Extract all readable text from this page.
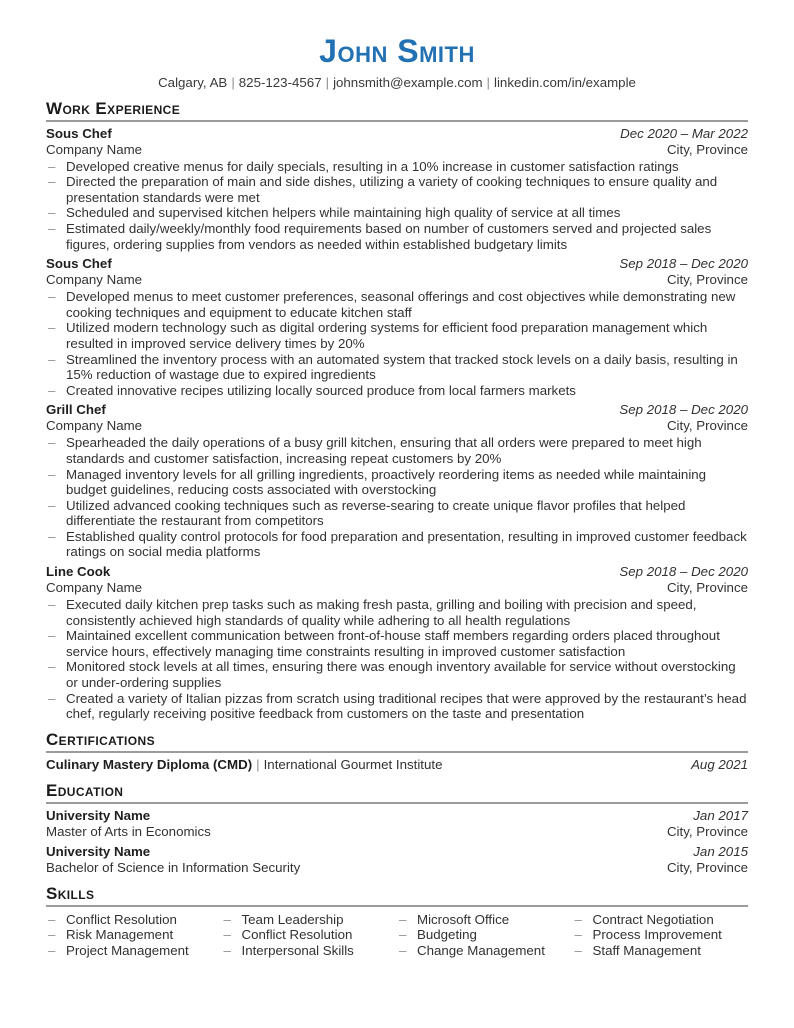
John Smith
Calgary, AB | 825-123-4567 | johnsmith@example.com | linkedin.com/in/example
Work Experience
Sous Chef	Dec 2020 – Mar 2022
Company Name	City, Province
– Developed creative menus for daily specials, resulting in a 10% increase in customer satisfaction ratings
– Directed the preparation of main and side dishes, utilizing a variety of cooking techniques to ensure quality and presentation standards were met
– Scheduled and supervised kitchen helpers while maintaining high quality of service at all times
– Estimated daily/weekly/monthly food requirements based on number of customers served and projected sales figures, ordering supplies from vendors as needed within established budgetary limits
Sous Chef	Sep 2018 – Dec 2020
Company Name	City, Province
– Developed menus to meet customer preferences, seasonal offerings and cost objectives while demonstrating new cooking techniques and equipment to educate kitchen staff
– Utilized modern technology such as digital ordering systems for efficient food preparation management which resulted in improved service delivery times by 20%
– Streamlined the inventory process with an automated system that tracked stock levels on a daily basis, resulting in 15% reduction of wastage due to expired ingredients
– Created innovative recipes utilizing locally sourced produce from local farmers markets
Grill Chef	Sep 2018 – Dec 2020
Company Name	City, Province
– Spearheaded the daily operations of a busy grill kitchen, ensuring that all orders were prepared to meet high standards and customer satisfaction, increasing repeat customers by 20%
– Managed inventory levels for all grilling ingredients, proactively reordering items as needed while maintaining budget guidelines, reducing costs associated with overstocking
– Utilized advanced cooking techniques such as reverse-searing to create unique flavor profiles that helped differentiate the restaurant from competitors
– Established quality control protocols for food preparation and presentation, resulting in improved customer feedback ratings on social media platforms
Line Cook	Sep 2018 – Dec 2020
Company Name	City, Province
– Executed daily kitchen prep tasks such as making fresh pasta, grilling and boiling with precision and speed, consistently achieved high standards of quality while adhering to all health regulations
– Maintained excellent communication between front-of-house staff members regarding orders placed throughout service hours, effectively managing time constraints resulting in improved customer satisfaction
– Monitored stock levels at all times, ensuring there was enough inventory available for service without overstocking or under-ordering supplies
– Created a variety of Italian pizzas from scratch using traditional recipes that were approved by the restaurant’s head chef, regularly receiving positive feedback from customers on the taste and presentation
Certifications
Culinary Mastery Diploma (CMD) | International Gourmet Institute	Aug 2021
Education
University Name	Jan 2017
Master of Arts in Economics	City, Province
University Name	Jan 2015
Bachelor of Science in Information Security	City, Province
Skills
– Conflict Resolution
– Risk Management
– Project Management
– Team Leadership
– Conflict Resolution
– Interpersonal Skills
– Microsoft Office
– Budgeting
– Change Management
– Contract Negotiation
– Process Improvement
– Staff Management
